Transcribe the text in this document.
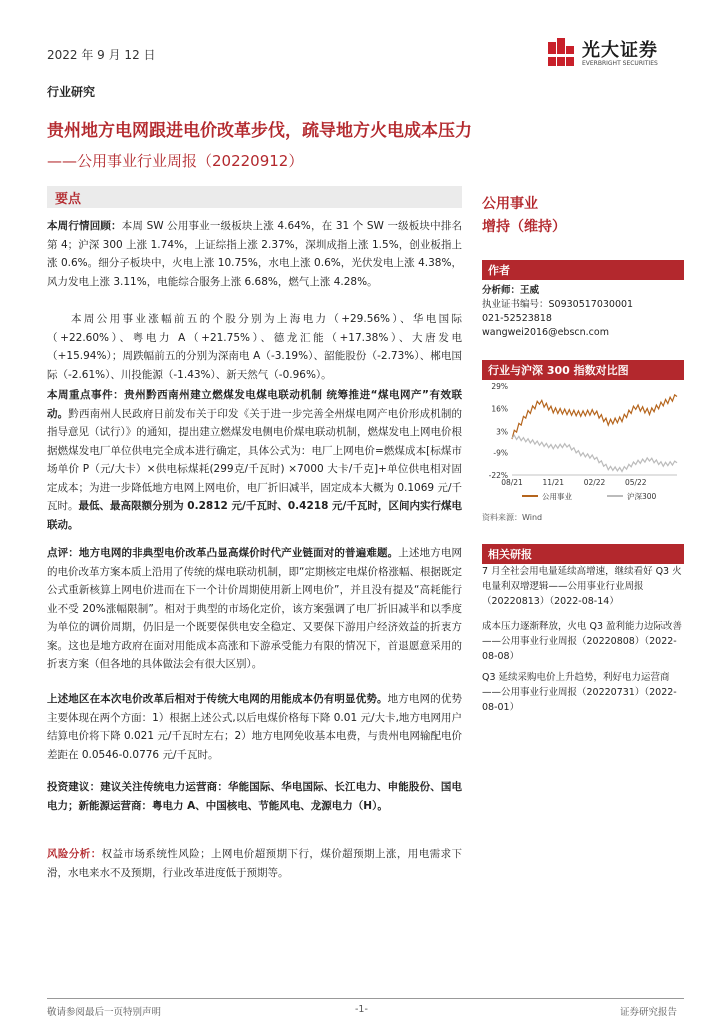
2022 年 9 月 12 日	光大证券
EVERBRIGHT SECURITIES
行业研究
贵州地方电网跟进电价改革步伐，疏导地方火电成本压力
——公用事业行业周报（20220912）
要点
本周行情回顾：本周 SW 公用事业一级板块上涨 4.64%，在 31 个 SW 一级板块中排名第 4；沪深 300 上涨 1.74%，上证综指上涨 2.37%，深圳成指上涨 1.5%，创业板指上涨 0.6%。细分子板块中，火电上涨 10.75%，水电上涨 0.6%，光伏发电上涨 4.38%，风力发电上涨 3.11%，电能综合服务上涨 6.68%，燃气上涨 4.28%。
本周公用事业涨幅前五的个股分别为上海电力（+29.56%）、华电国际（+22.60%）、粤电力 A（+21.75%）、德龙汇能（+17.38%）、大唐发电（+15.94%）；周跌幅前五的分别为深南电 A（-3.19%）、韶能股份（-2.73%）、郴电国际（-2.61%）、川投能源（-1.43%）、新天然气（-0.96%）。
本周重点事件：贵州黔西南州建立燃煤发电煤电联动机制 统筹推进“煤电网产”有效联动。黔西南州人民政府日前发布关于印发《关于进一步完善全州煤电网产电价形成机制的指导意见（试行）》的通知，提出建立燃煤发电侧电价煤电联动机制，燃煤发电上网电价根据燃煤发电厂单位供电完全成本进行确定，具体公式为：电厂上网电价=燃煤成本[标煤市场单价 P（元/大卡）×供电标煤耗(299克/千瓦时) ×7000 大卡/千克]+单位供电相对固定成本；为进一步降低地方电网上网电价，电厂折旧减半，固定成本大概为 0.1069 元/千瓦时。最低、最高限额分别为 0.2812 元/千瓦时、0.4218 元/千瓦时，区间内实行煤电联动。
点评：地方电网的非典型电价改革凸显高煤价时代产业链面对的普遍难题。上述地方电网的电价改革方案本质上沿用了传统的煤电联动机制，即“定期核定电煤价格涨幅、根据既定公式重新核算上网电价进而在下一个计价周期使用新上网电价”，并且没有提及“高耗能行业不受 20%涨幅限制”。相对于典型的市场化定价，该方案强调了电厂折旧减半和以季度为单位的调价周期，仍旧是一个既要保供电安全稳定、又要保下游用户经济效益的折衷方案。这也是地方政府在面对用能成本高涨和下游承受能力有限的情况下，首退愿意采用的折衷方案（但各地的具体做法会有很大区别）。
上述地区在本次电价改革后相对于传统大电网的用能成本仍有明显优势。地方电网的优势主要体现在两个方面：1）根据上述公式,以后电煤价格每下降 0.01 元/大卡,地方电网用户结算电价将下降 0.021 元/千瓦时左右；2）地方电网免收基本电费，与贵州电网输配电价差距在 0.0546-0.0776 元/千瓦时。
投资建议：建议关注传统电力运营商：华能国际、华电国际、长江电力、申能股份、国电电力；新能源运营商：粤电力 A、中国核电、节能风电、龙源电力（H）。
风险分析：权益市场系统性风险；上网电价超预期下行，煤价超预期上涨，用电需求下滑，水电来水不及预期，行业改革进度低于预期等。
公用事业
增持（维持）
作者
分析师：王威
执业证书编号：S0930517030001
021-52523818
wangwei2016@ebscn.com
行业与沪深 300 指数对比图
29%
16%
3%
-9%
-22%
08/21	11/21	02/22	05/22
公用事业	沪深300
资料来源：Wind
相关研报
7 月全社会用电量延续高增速，继续看好 Q3 火电量利双增逻辑——公用事业行业周报（20220813）（2022-08-14）
成本压力逐渐释放，火电 Q3 盈利能力边际改善——公用事业行业周报（20220808）（2022-08-08）
Q3 延续采购电价上升趋势，利好电力运营商——公用事业行业周报（20220731）（2022-08-01）
敬请参阅最后一页特别声明	-1-	证券研究报告
